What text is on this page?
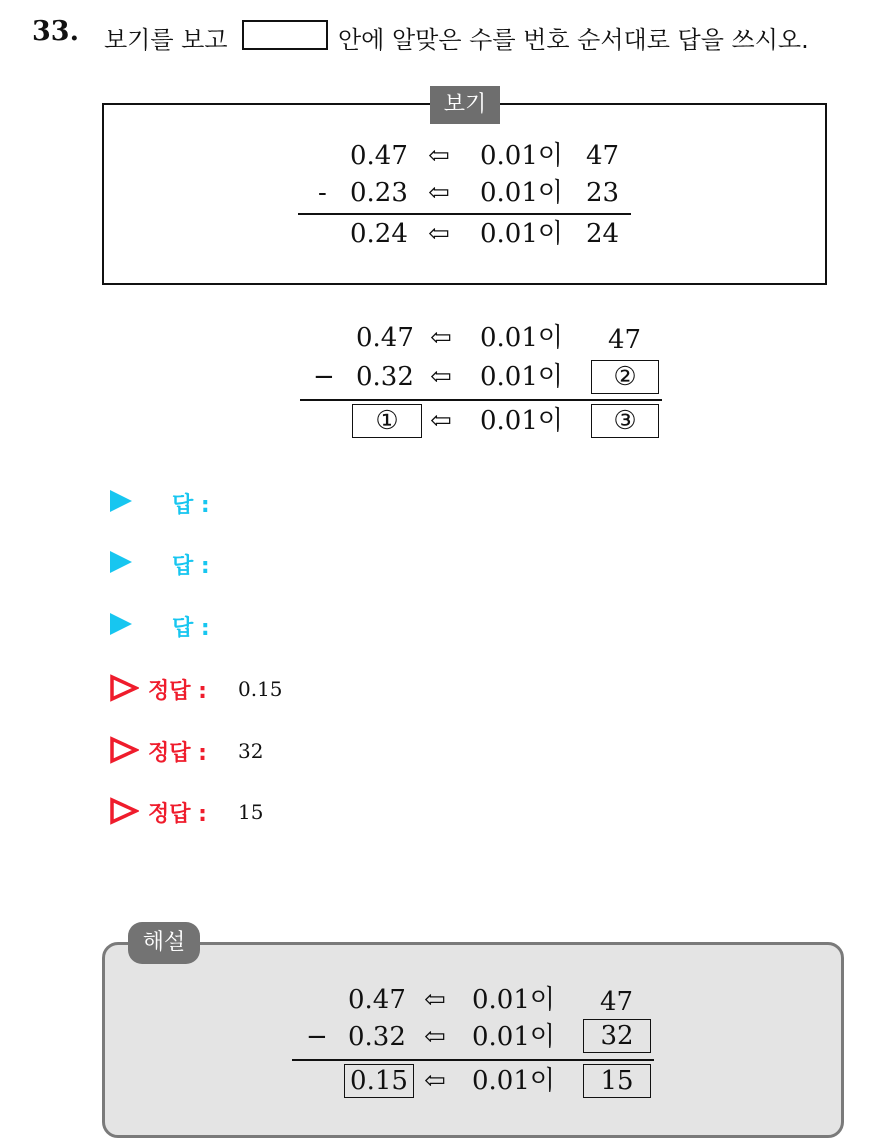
33. 보기를 보고	안에 알맞은 수를 번호 순서대로 답을 쓰시오.
보기
0.47 ⇦ 0.01이 47
- 0.23 ⇦ 0.01이 23
0.24 ⇦ 0.01이 24
0.47 ⇦ 0.01이 47
− 0.32 ⇦ 0.01이	②
①	⇦ 0.01이	③
답 :
답 :
답 :
정답 : 0.15
정답 : 32
정답 : 15
해설
0.47 ⇦ 0.01이 47
− 0.32 ⇦ 0.01이	32
0.15 ⇦ 0.01이	15
